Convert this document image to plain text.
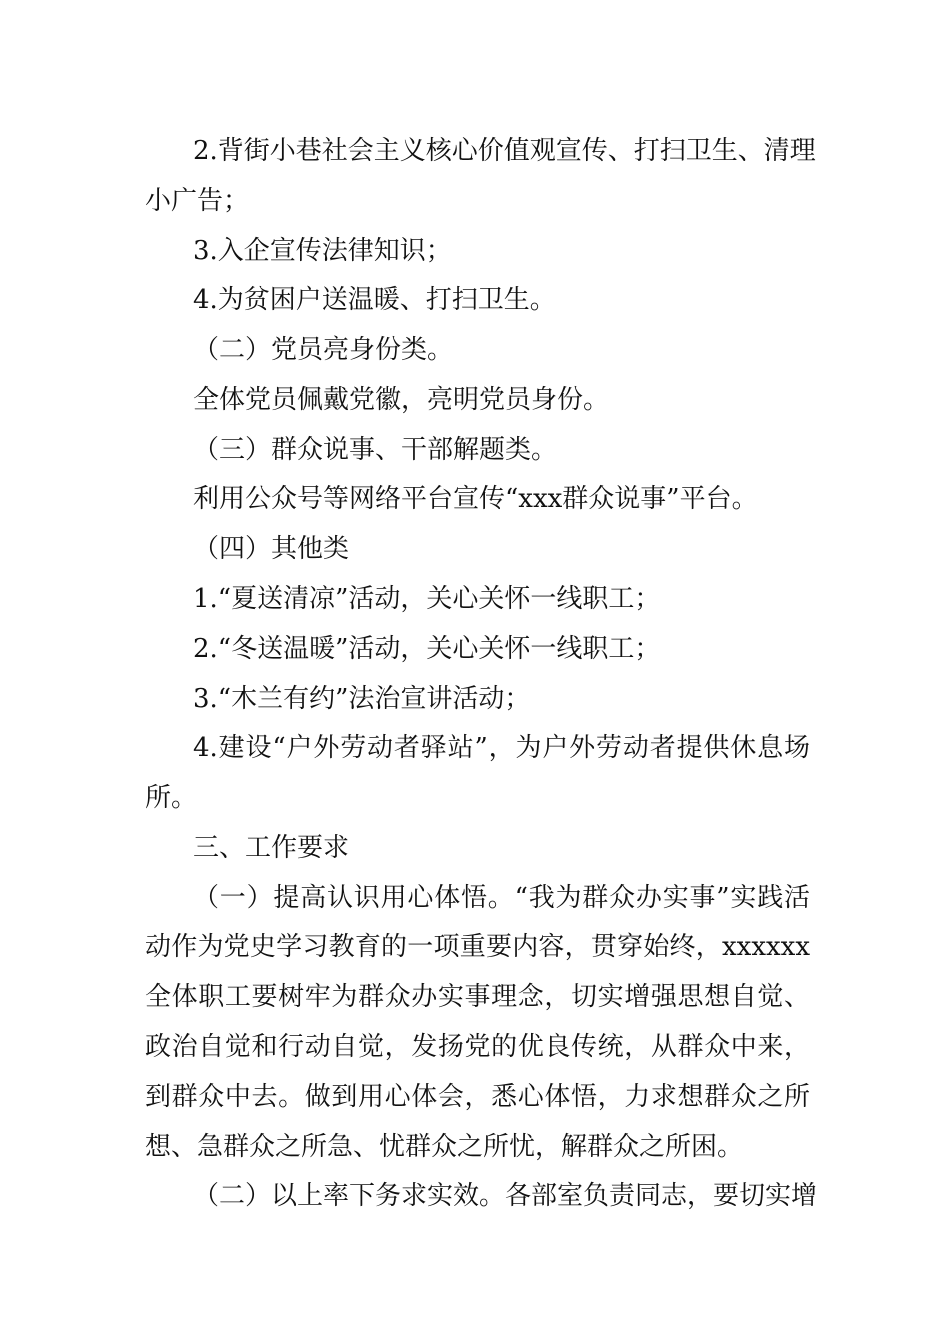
2.背街小巷社会主义核心价值观宣传、打扫卫生、清理
小广告；
3.入企宣传法律知识；
4.为贫困户送温暖、打扫卫生。
（二）党员亮身份类。
全体党员佩戴党徽，亮明党员身份。
（三）群众说事、干部解题类。
利用公众号等网络平台宣传“xxx群众说事”平台。
（四）其他类
1.“夏送清凉”活动，关心关怀一线职工；
2.“冬送温暖”活动，关心关怀一线职工；
3.“木兰有约”法治宣讲活动；
4.建设“户外劳动者驿站”，为户外劳动者提供休息场
所。
三、工作要求
（一）提高认识用心体悟。“我为群众办实事”实践活
动作为党史学习教育的一项重要内容，贯穿始终，xxxxxx
全体职工要树牢为群众办实事理念，切实增强思想自觉、
政治自觉和行动自觉，发扬党的优良传统，从群众中来，
到群众中去。做到用心体会，悉心体悟，力求想群众之所
想、急群众之所急、忧群众之所忧，解群众之所困。
（二）以上率下务求实效。各部室负责同志，要切实增
